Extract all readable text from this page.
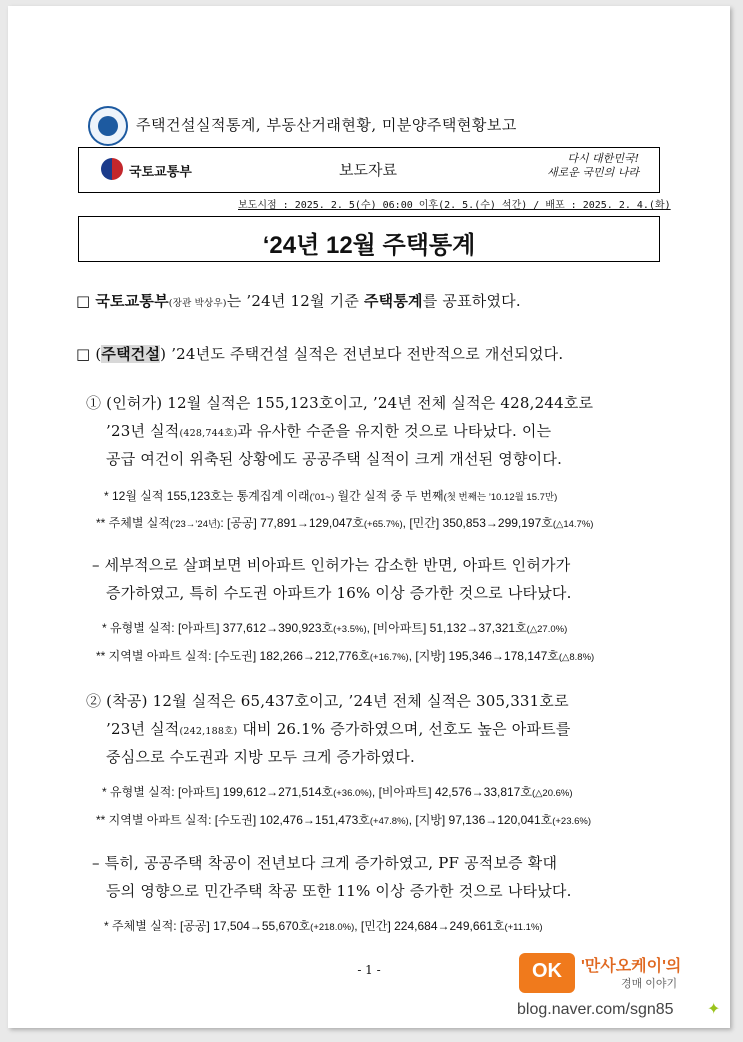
주택건설실적통계, 부동산거래현황, 미분양주택현황보고
국토교통부	보도자료
다시 대한민국!
새로운 국민의 나라
보도시점 : 2025. 2. 5(수) 06:00 이후(2. 5.(수) 석간) / 배포 : 2025. 2. 4.(화)
‘24년 12월 주택통계
□ 국토교통부(장관 박상우)는 ’24년 12월 기준 주택통계를 공표하였다.
□ (주택건설) ’24년도 주택건설 실적은 전년보다 전반적으로 개선되었다.
① (인허가) 12월 실적은 155,123호이고, ’24년 전체 실적은 428,244호로
’23년 실적(428,744호)과 유사한 수준을 유지한 것으로 나타났다. 이는
공급 여건이 위축된 상황에도 공공주택 실적이 크게 개선된 영향이다.
* 12월 실적 155,123호는 통계집계 이래(’01~) 월간 실적 중 두 번째(첫 번째는 ’10.12월 15.7만)
** 주체별 실적(’23→’24년): [공공] 77,891→129,047호(+65.7%), [민간] 350,853→299,197호(△14.7%)
– 세부적으로 살펴보면 비아파트 인허가는 감소한 반면, 아파트 인허가가
증가하였고, 특히 수도권 아파트가 16% 이상 증가한 것으로 나타났다.
* 유형별 실적: [아파트] 377,612→390,923호(+3.5%), [비아파트] 51,132→37,321호(△27.0%)
** 지역별 아파트 실적: [수도권] 182,266→212,776호(+16.7%), [지방] 195,346→178,147호(△8.8%)
② (착공) 12월 실적은 65,437호이고, ’24년 전체 실적은 305,331호로
’23년 실적(242,188호) 대비 26.1% 증가하였으며, 선호도 높은 아파트를
중심으로 수도권과 지방 모두 크게 증가하였다.
* 유형별 실적: [아파트] 199,612→271,514호(+36.0%), [비아파트] 42,576→33,817호(△20.6%)
** 지역별 아파트 실적: [수도권] 102,476→151,473호(+47.8%), [지방] 97,136→120,041호(+23.6%)
– 특히, 공공주택 착공이 전년보다 크게 증가하였고, PF 공적보증 확대
등의 영향으로 민간주택 착공 또한 11% 이상 증가한 것으로 나타났다.
* 주체별 실적: [공공] 17,504→55,670호(+218.0%), [민간] 224,684→249,661호(+11.1%)
- 1 -	OK	'만사오케이'의
경매 이야기
blog.naver.com/sgn85 ✦
